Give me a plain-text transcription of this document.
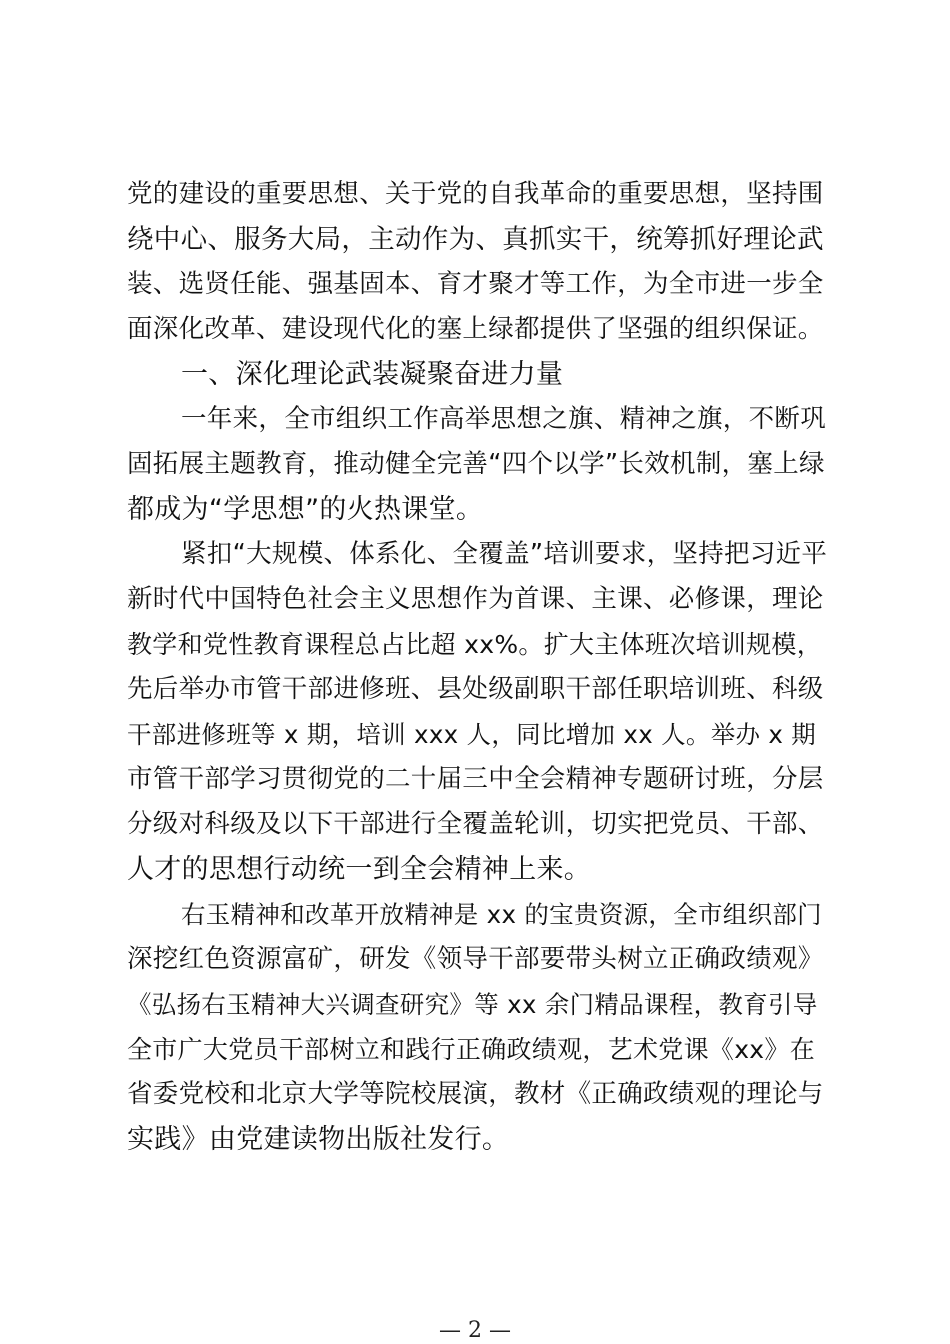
党的建设的重要思想、关于党的自我革命的重要思想，坚持围
绕中心、服务大局，主动作为、真抓实干，统筹抓好理论武
装、选贤任能、强基固本、育才聚才等工作，为全市进一步全
面深化改革、建设现代化的塞上绿都提供了坚强的组织保证。
一、深化理论武装凝聚奋进力量
一年来，全市组织工作高举思想之旗、精神之旗，不断巩
固拓展主题教育，推动健全完善“四个以学”长效机制，塞上绿
都成为“学思想”的火热课堂。
紧扣“大规模、体系化、全覆盖”培训要求，坚持把习近平
新时代中国特色社会主义思想作为首课、主课、必修课，理论
教学和党性教育课程总占比超 xx%。扩大主体班次培训规模，
先后举办市管干部进修班、县处级副职干部任职培训班、科级
干部进修班等 x 期，培训 xxx 人，同比增加 xx 人。举办 x 期
市管干部学习贯彻党的二十届三中全会精神专题研讨班，分层
分级对科级及以下干部进行全覆盖轮训，切实把党员、干部、
人才的思想行动统一到全会精神上来。
右玉精神和改革开放精神是 xx 的宝贵资源，全市组织部门
深挖红色资源富矿，研发《领导干部要带头树立正确政绩观》
《弘扬右玉精神大兴调查研究》等 xx 余门精品课程，教育引导
全市广大党员干部树立和践行正确政绩观，艺术党课《xx》在
省委党校和北京大学等院校展演，教材《正确政绩观的理论与
实践》由党建读物出版社发行。
— 2 —
